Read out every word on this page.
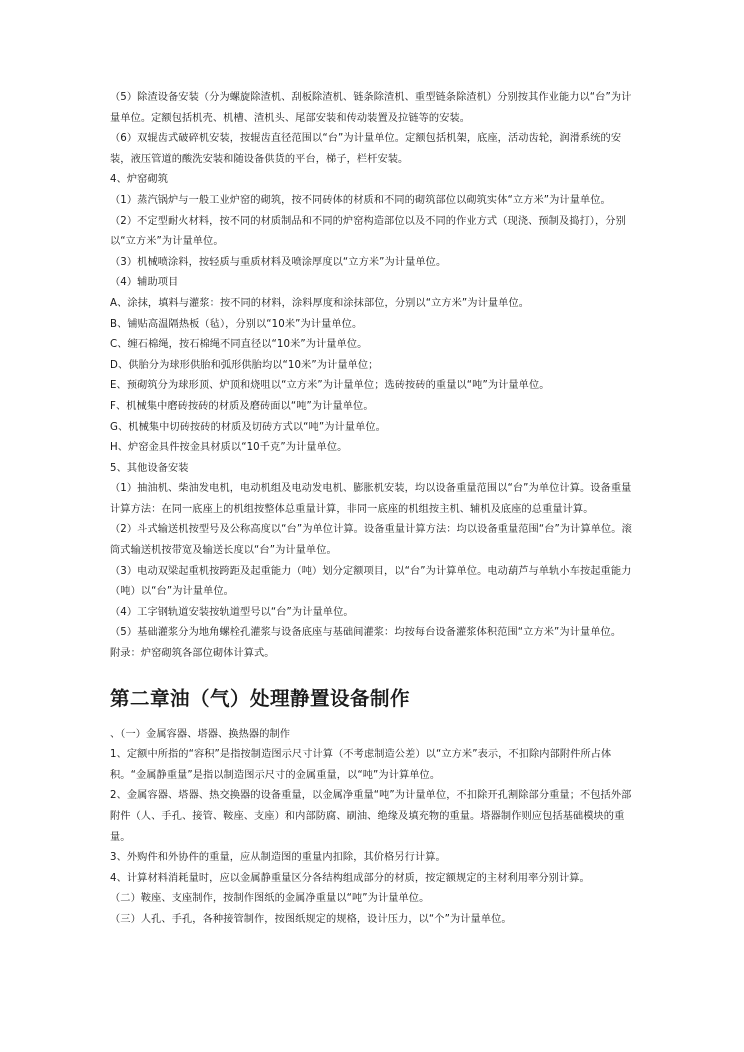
（5）除渣设备安装（分为螺旋除渣机、刮板除渣机、链条除渣机、重型链条除渣机）分别按其作业能力以“台”为计量单位。定额包括机壳、机槽、渣机头、尾部安装和传动装置及拉链等的安装。

（6）双辊齿式破碎机安装，按辊齿直径范围以“台”为计量单位。定额包括机架，底座，活动齿轮，润滑系统的安装，液压管道的酸洗安装和随设备供货的平台，梯子，栏杆安装。

4、炉窑砌筑

（1）蒸汽锅炉与一般工业炉窑的砌筑，按不同砖体的材质和不同的砌筑部位以砌筑实体“立方米”为计量单位。

（2）不定型耐火材料，按不同的材质制品和不同的炉窑构造部位以及不同的作业方式（现浇、预制及捣打），分别以“立方米”为计量单位。

（3）机械喷涂料，按轻质与重质材料及喷涂厚度以“立方米”为计量单位。

（4）辅助项目

A、涂抹，填料与灌浆：按不同的材料，涂料厚度和涂抹部位，分别以“立方米”为计量单位。

B、铺贴高温隔热板（毡），分别以“10米”为计量单位。

C、缠石棉绳，按石棉绳不同直径以“10米”为计量单位。

D、供胎分为球形供胎和弧形供胎均以“10米”为计量单位；

E、预砌筑分为球形顶、炉顶和烧咀以“立方米”为计量单位；选砖按砖的重量以“吨”为计量单位。

F、机械集中磨砖按砖的材质及磨砖面以“吨”为计量单位。

G、机械集中切砖按砖的材质及切砖方式以“吨”为计量单位。

H、炉窑金具件按金具材质以“10千克”为计量单位。

5、其他设备安装

（1）抽油机、柴油发电机，电动机组及电动发电机、膨胀机安装，均以设备重量范围以“台”为单位计算。设备重量计算方法：在同一底座上的机组按整体总重量计算，非同一底座的机组按主机、辅机及底座的总重量计算。

（2）斗式输送机按型号及公称高度以“台”为单位计算。设备重量计算方法：均以设备重量范围“台”为计算单位。滚筒式输送机按带宽及输送长度以“台”为计量单位。

（3）电动双梁起重机按跨距及起重能力（吨）划分定额项目，以“台”为计算单位。电动葫芦与单轨小车按起重能力（吨）以“台”为计量单位。

（4）工字钢轨道安装按轨道型号以“台”为计量单位。

（5）基础灌浆分为地角螺栓孔灌浆与设备底座与基础间灌浆：均按每台设备灌浆体积范围“立方米”为计量单位。

附录：炉窑砌筑各部位砌体计算式。

第二章油（气）处理静置设备制作

、（一）金属容器、塔器、换热器的制作

1、定额中所指的“容积”是指按制造图示尺寸计算（不考虑制造公差）以“立方米”表示，不扣除内部附件所占体积。“金属静重量”是指以制造图示尺寸的金属重量，以“吨”为计算单位。

2、金属容器、塔器、热交换器的设备重量，以金属净重量“吨”为计量单位，不扣除开孔割除部分重量；不包括外部附件（人、手孔、接管、鞍座、支座）和内部防腐、刷油、绝缘及填充物的重量。塔器制作则应包括基础模块的重量。

3、外购件和外协件的重量，应从制造图的重量内扣除，其价格另行计算。

4、计算材料消耗量时，应以金属静重量区分各结构组成部分的材质，按定额规定的主材利用率分别计算。

（二）鞍座、支座制作，按制作图纸的金属净重量以“吨”为计量单位。

（三）人孔、手孔，各种接管制作，按图纸规定的规格，设计压力，以“个”为计量单位。
